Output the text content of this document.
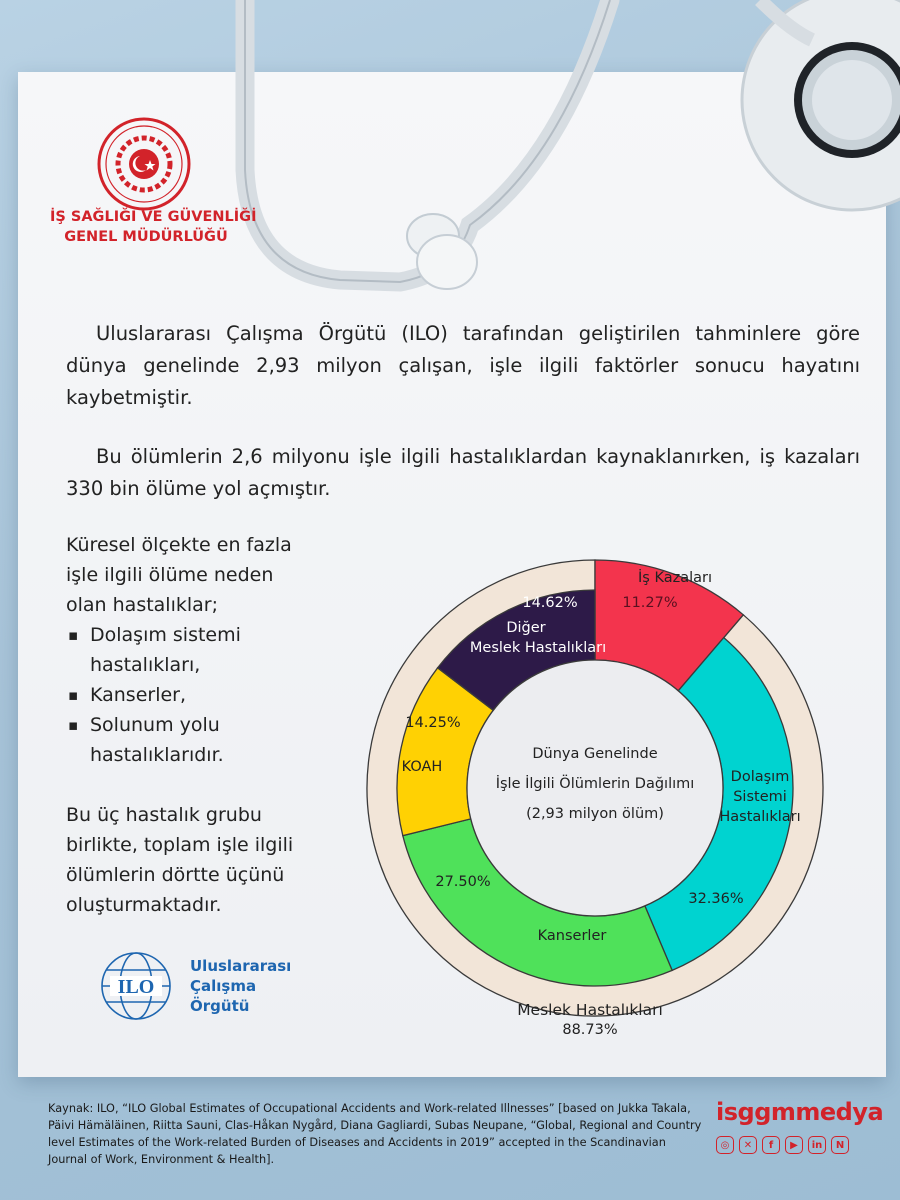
İŞ SAĞLIĞI VE GÜVENLİĞİ
GENEL MÜDÜRLÜĞÜ
Uluslararası Çalışma Örgütü (ILO) tarafından geliştirilen tahminlere göre dünya genelinde 2,93 milyon çalışan, işle ilgili faktörler sonucu hayatını kaybetmiştir.
Bu ölümlerin 2,6 milyonu işle ilgili hastalıklardan kaynaklanırken, iş kazaları 330 bin ölüme yol açmıştır.
Küresel ölçekte en fazla işle ilgili ölüme neden olan hastalıklar;
▪ Dolaşım sistemi hastalıkları,
▪ Kanserler,
▪ Solunum yolu hastalıklarıdır.
Bu üç hastalık grubu birlikte, toplam işle ilgili ölümlerin dörtte üçünü oluşturmaktadır.
ILO
Uluslararası
Çalışma
Örgütü
İş Kazaları
11.27%
Dolaşım
Sistemi
Hastalıkları
32.36%
Kanserler
27.50%
KOAH
14.25%
Diğer
Meslek Hastalıkları
14.62%
Meslek Hastalıkları
88.73%
Dünya Genelinde
İşle İlgili Ölümlerin Dağılımı
(2,93 milyon ölüm)
Kaynak: ILO, “ILO Global Estimates of Occupational Accidents and Work-related Illnesses” [based on Jukka Takala, Päivi Hämäläinen, Riitta Sauni, Clas-Håkan Nygård, Diana Gagliardi, Subas Neupane, “Global, Regional and Country level Estimates of the Work-related Burden of Diseases and Accidents in 2019” accepted in the Scandinavian Journal of Work, Environment & Health].
isggmmedya
◎	✕	f	▶	in	N
